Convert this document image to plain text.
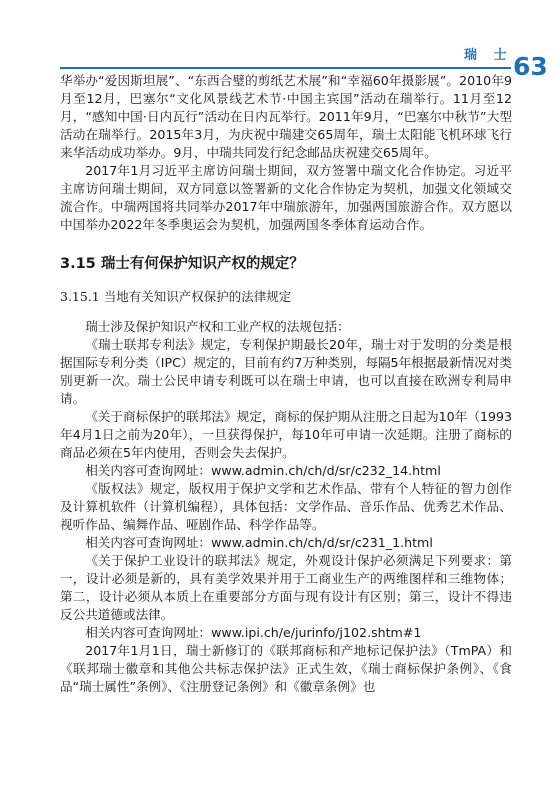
瑞 士 63

华举办“爱因斯坦展”、“东西合璧的剪纸艺术展”和“幸福60年摄影展”。2010年9月至12月，巴塞尔“文化风景线艺术节·中国主宾国”活动在瑞举行。11月至12月，“感知中国·日内瓦行”活动在日内瓦举行。2011年9月，“巴塞尔中秋节”大型活动在瑞举行。2015年3月，为庆祝中瑞建交65周年，瑞士太阳能飞机环球飞行来华活动成功举办。9月，中瑞共同发行纪念邮品庆祝建交65周年。

2017年1月习近平主席访问瑞士期间，双方签署中瑞文化合作协定。习近平主席访问瑞士期间，双方同意以签署新的文化合作协定为契机，加强文化领域交流合作。中瑞两国将共同举办2017年中瑞旅游年，加强两国旅游合作。双方愿以中国举办2022年冬季奥运会为契机，加强两国冬季体育运动合作。

3.15 瑞士有何保护知识产权的规定？
3.15.1 当地有关知识产权保护的法律规定

瑞士涉及保护知识产权和工业产权的法规包括：

《瑞士联邦专利法》规定，专利保护期最长20年，瑞士对于发明的分类是根据国际专利分类（IPC）规定的，目前有约7万种类别，每隔5年根据最新情况对类别更新一次。瑞士公民申请专利既可以在瑞士申请，也可以直接在欧洲专利局申请。

《关于商标保护的联邦法》规定，商标的保护期从注册之日起为10年（1993年4月1日之前为20年），一旦获得保护，每10年可申请一次延期。注册了商标的商品必须在5年内使用，否则会失去保护。

相关内容可查询网址：www.admin.ch/ch/d/sr/c232_14.html

《版权法》规定，版权用于保护文学和艺术作品、带有个人特征的智力创作及计算机软件（计算机编程），具体包括：文学作品、音乐作品、优秀艺术作品、视听作品、编舞作品、哑剧作品、科学作品等。

相关内容可查询网址：www.admin.ch/ch/d/sr/c231_1.html

《关于保护工业设计的联邦法》规定，外观设计保护必须满足下列要求：第一，设计必须是新的，具有美学效果并用于工商业生产的两维图样和三维物体；第二，设计必须从本质上在重要部分方面与现有设计有区别；第三，设计不得违反公共道德或法律。

相关内容可查询网址：www.ipi.ch/e/jurinfo/j102.shtm#1

2017年1月1日，瑞士新修订的《联邦商标和产地标记保护法》（TmPA）和《联邦瑞士徽章和其他公共标志保护法》正式生效，《瑞士商标保护条例》、《食品“瑞士属性”条例》、《注册登记条例》和《徽章条例》也
